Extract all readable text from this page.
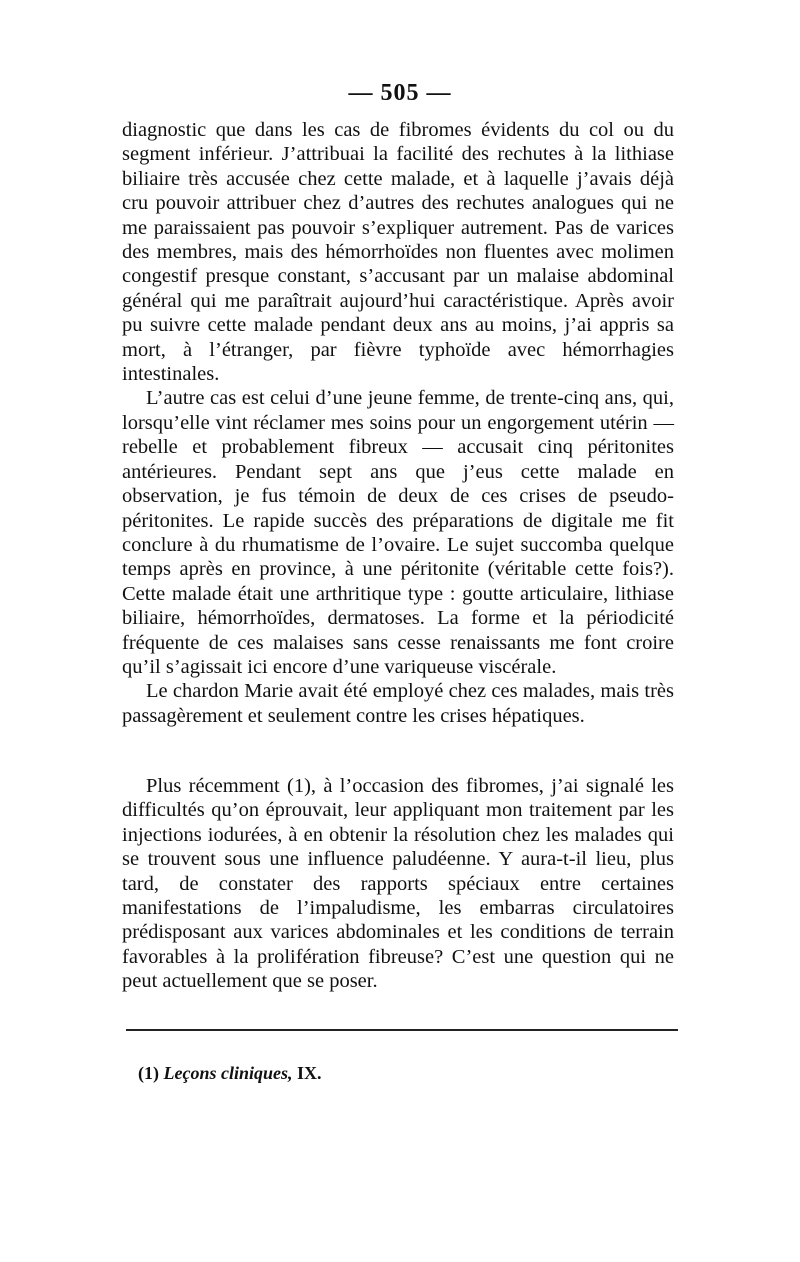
— 505 —

diagnostic que dans les cas de fibromes évidents du col ou du segment inférieur. J’attribuai la facilité des rechutes à la lithiase biliaire très accusée chez cette malade, et à laquelle j’avais déjà cru pouvoir attribuer chez d’autres des rechutes analogues qui ne me paraissaient pas pouvoir s’expliquer autrement. Pas de varices des membres, mais des hémorrhoïdes non fluentes avec molimen congestif presque constant, s’accusant par un malaise abdominal général qui me paraîtrait aujourd’hui caractéristique. Après avoir pu suivre cette malade pendant deux ans au moins, j’ai appris sa mort, à l’étranger, par fièvre typhoïde avec hémorrhagies intestinales.

L’autre cas est celui d’une jeune femme, de trente-cinq ans, qui, lorsqu’elle vint réclamer mes soins pour un engorgement utérin — rebelle et probablement fibreux — accusait cinq péritonites antérieures. Pendant sept ans que j’eus cette malade en observation, je fus témoin de deux de ces crises de pseudo-péritonites. Le rapide succès des préparations de digitale me fit conclure à du rhumatisme de l’ovaire. Le sujet succomba quelque temps après en province, à une péritonite (véritable cette fois?). Cette malade était une arthritique type : goutte articulaire, lithiase biliaire, hémorrhoïdes, dermatoses. La forme et la périodicité fréquente de ces malaises sans cesse renaissants me font croire qu’il s’agissait ici encore d’une variqueuse viscérale.

Le chardon Marie avait été employé chez ces malades, mais très passagèrement et seulement contre les crises hépatiques.

Plus récemment (1), à l’occasion des fibromes, j’ai signalé les difficultés qu’on éprouvait, leur appliquant mon traitement par les injections iodurées, à en obtenir la résolution chez les malades qui se trouvent sous une influence paludéenne. Y aura-t-il lieu, plus tard, de constater des rapports spéciaux entre certaines manifestations de l’impaludisme, les embarras circulatoires prédisposant aux varices abdominales et les conditions de terrain favorables à la prolifération fibreuse? C’est une question qui ne peut actuellement que se poser.

(1) Leçons cliniques, IX.
